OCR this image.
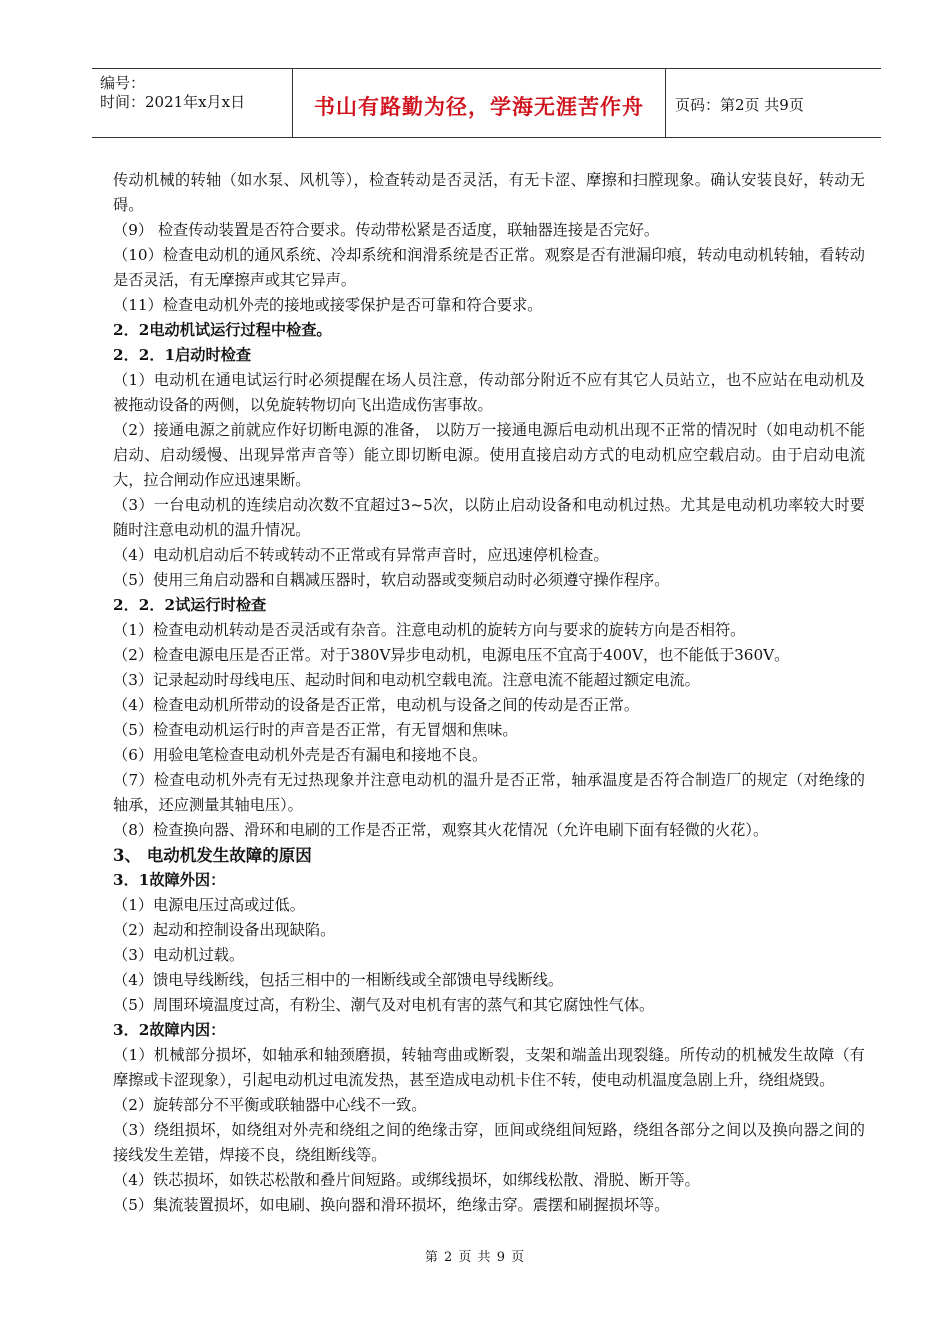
编号：
时间：2021年x月x日	书山有路勤为径，学海无涯苦作舟	页码：第2页 共9页

传动机械的转轴（如水泵、风机等），检查转动是否灵活，有无卡涩、摩擦和扫膛现象。确认安装良好，转动无碍。

（9） 检查传动装置是否符合要求。传动带松紧是否适度，联轴器连接是否完好。

（10）检查电动机的通风系统、冷却系统和润滑系统是否正常。观察是否有泄漏印痕，转动电动机转轴，看转动是否灵活，有无摩擦声或其它异声。

（11）检查电动机外壳的接地或接零保护是否可靠和符合要求。

2．2电动机试运行过程中检查。

2．2．1启动时检查

（1）电动机在通电试运行时必须提醒在场人员注意，传动部分附近不应有其它人员站立，也不应站在电动机及被拖动设备的两侧，以免旋转物切向飞出造成伤害事故。

（2）接通电源之前就应作好切断电源的准备， 以防万一接通电源后电动机出现不正常的情况时（如电动机不能启动、启动缓慢、出现异常声音等）能立即切断电源。使用直接启动方式的电动机应空载启动。由于启动电流大，拉合闸动作应迅速果断。

（3）一台电动机的连续启动次数不宜超过3~5次，以防止启动设备和电动机过热。尤其是电动机功率较大时要随时注意电动机的温升情况。

（4）电动机启动后不转或转动不正常或有异常声音时，应迅速停机检查。

（5）使用三角启动器和自耦减压器时，软启动器或变频启动时必须遵守操作程序。

2．2．2试运行时检查

（1）检查电动机转动是否灵活或有杂音。注意电动机的旋转方向与要求的旋转方向是否相符。

（2）检查电源电压是否正常。对于380V异步电动机，电源电压不宜高于400V，也不能低于360V。

（3）记录起动时母线电压、起动时间和电动机空载电流。注意电流不能超过额定电流。

（4）检查电动机所带动的设备是否正常，电动机与设备之间的传动是否正常。

（5）检查电动机运行时的声音是否正常，有无冒烟和焦味。

（6）用验电笔检查电动机外壳是否有漏电和接地不良。

（7）检查电动机外壳有无过热现象并注意电动机的温升是否正常，轴承温度是否符合制造厂的规定（对绝缘的轴承，还应测量其轴电压）。

（8）检查换向器、滑环和电刷的工作是否正常，观察其火花情况（允许电刷下面有轻微的火花）。

3、 电动机发生故障的原因

3．1故障外因：

（1）电源电压过高或过低。

（2）起动和控制设备出现缺陷。

（3）电动机过载。

（4）馈电导线断线，包括三相中的一相断线或全部馈电导线断线。

（5）周围环境温度过高，有粉尘、潮气及对电机有害的蒸气和其它腐蚀性气体。

3．2故障内因：

（1）机械部分损坏，如轴承和轴颈磨损，转轴弯曲或断裂，支架和端盖出现裂缝。所传动的机械发生故障（有摩擦或卡涩现象），引起电动机过电流发热，甚至造成电动机卡住不转，使电动机温度急剧上升，绕组烧毁。

（2）旋转部分不平衡或联轴器中心线不一致。

（3）绕组损坏，如绕组对外壳和绕组之间的绝缘击穿，匝间或绕组间短路，绕组各部分之间以及换向器之间的接线发生差错，焊接不良，绕组断线等。

（4）铁芯损坏，如铁芯松散和叠片间短路。或绑线损坏，如绑线松散、滑脱、断开等。

（5）集流装置损坏，如电刷、换向器和滑环损坏，绝缘击穿。震摆和刷握损坏等。

第 2 页 共 9 页
